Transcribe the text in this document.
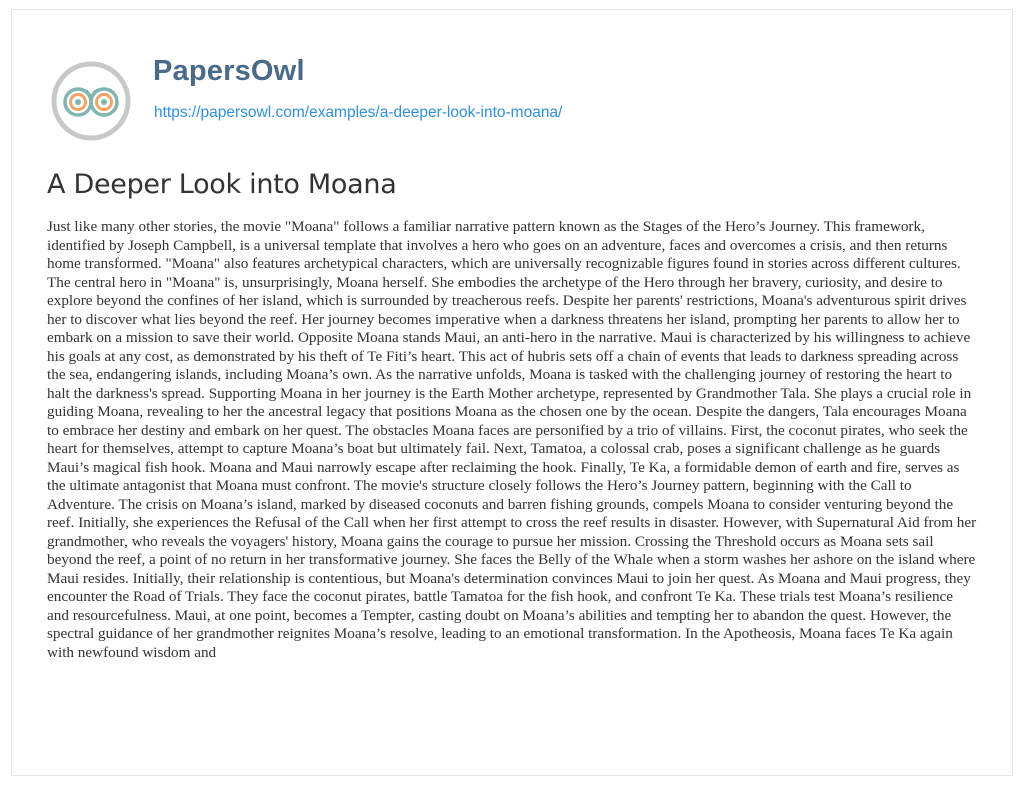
PapersOwl
https://papersowl.com/examples/a-deeper-look-into-moana/
A Deeper Look into Moana

Just like many other stories, the movie "Moana" follows a familiar narrative pattern known as the Stages of the Hero’s Journey. This framework, identified by Joseph Campbell, is a universal template that involves a hero who goes on an adventure, faces and overcomes a crisis, and then returns home transformed. "Moana" also features archetypical characters, which are universally recognizable figures found in stories across different cultures. The central hero in "Moana" is, unsurprisingly, Moana herself. She embodies the archetype of the Hero through her bravery, curiosity, and desire to explore beyond the confines of her island, which is surrounded by treacherous reefs. Despite her parents' restrictions, Moana's adventurous spirit drives her to discover what lies beyond the reef. Her journey becomes imperative when a darkness threatens her island, prompting her parents to allow her to embark on a mission to save their world. Opposite Moana stands Maui, an anti-hero in the narrative. Maui is characterized by his willingness to achieve his goals at any cost, as demonstrated by his theft of Te Fiti’s heart. This act of hubris sets off a chain of events that leads to darkness spreading across the sea, endangering islands, including Moana’s own. As the narrative unfolds, Moana is tasked with the challenging journey of restoring the heart to halt the darkness's spread. Supporting Moana in her journey is the Earth Mother archetype, represented by Grandmother Tala. She plays a crucial role in guiding Moana, revealing to her the ancestral legacy that positions Moana as the chosen one by the ocean. Despite the dangers, Tala encourages Moana to embrace her destiny and embark on her quest. The obstacles Moana faces are personified by a trio of villains. First, the coconut pirates, who seek the heart for themselves, attempt to capture Moana’s boat but ultimately fail. Next, Tamatoa, a colossal crab, poses a significant challenge as he guards Maui’s magical fish hook. Moana and Maui narrowly escape after reclaiming the hook. Finally, Te Ka, a formidable demon of earth and fire, serves as the ultimate antagonist that Moana must confront. The movie's structure closely follows the Hero’s Journey pattern, beginning with the Call to Adventure. The crisis on Moana’s island, marked by diseased coconuts and barren fishing grounds, compels Moana to consider venturing beyond the reef. Initially, she experiences the Refusal of the Call when her first attempt to cross the reef results in disaster. However, with Supernatural Aid from her grandmother, who reveals the voyagers' history, Moana gains the courage to pursue her mission. Crossing the Threshold occurs as Moana sets sail beyond the reef, a point of no return in her transformative journey. She faces the Belly of the Whale when a storm washes her ashore on the island where Maui resides. Initially, their relationship is contentious, but Moana's determination convinces Maui to join her quest. As Moana and Maui progress, they encounter the Road of Trials. They face the coconut pirates, battle Tamatoa for the fish hook, and confront Te Ka. These trials test Moana’s resilience and resourcefulness. Maui, at one point, becomes a Tempter, casting doubt on Moana’s abilities and tempting her to abandon the quest. However, the spectral guidance of her grandmother reignites Moana’s resolve, leading to an emotional transformation. In the Apotheosis, Moana faces Te Ka again with newfound wisdom and
